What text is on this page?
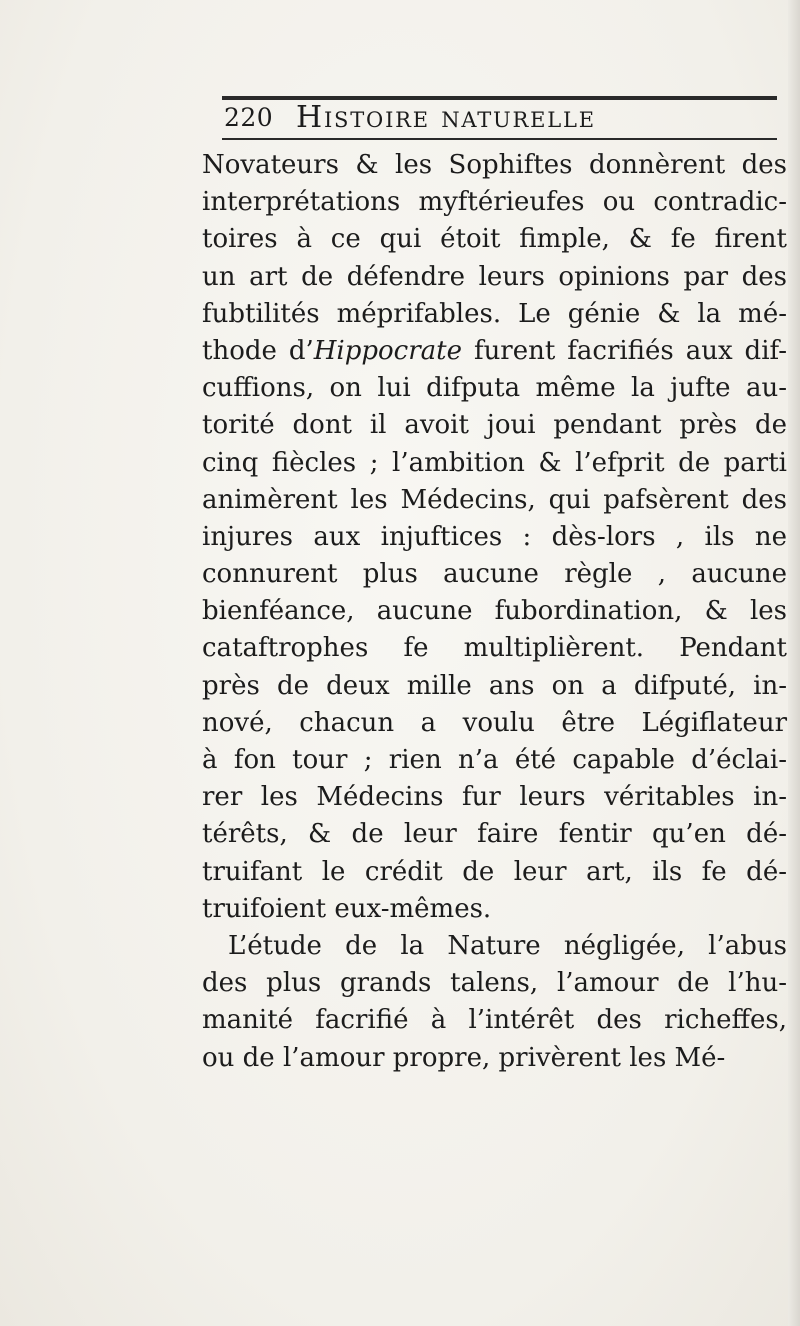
220 Histoire naturelle
Novateurs & les Sophiftes donnèrent des
interprétations myftérieufes ou contradic-
toires à ce qui étoit fimple, & fe firent
un art de défendre leurs opinions par des
fubtilités méprifables. Le génie & la mé-
thode d’Hippocrate furent facrifiés aux dif-
cuffions, on lui difputa même la jufte au-
torité dont il avoit joui pendant près de
cinq fiècles ; l’ambition & l’efprit de parti
animèrent les Médecins, qui pafsèrent des
injures aux injuftices : dès-lors , ils ne
connurent plus aucune règle , aucune
bienféance, aucune fubordination, & les
cataftrophes fe multiplièrent. Pendant
près de deux mille ans on a difputé, in-
nové, chacun a voulu être Légiflateur
à fon tour ; rien n’a été capable d’éclai-
rer les Médecins fur leurs véritables in-
térêts, & de leur faire fentir qu’en dé-
truifant le crédit de leur art, ils fe dé-
truifoient eux-mêmes.
L’étude de la Nature négligée, l’abus
des plus grands talens, l’amour de l’hu-
manité facrifié à l’intérêt des richeffes,
ou de l’amour propre, privèrent les Mé-
